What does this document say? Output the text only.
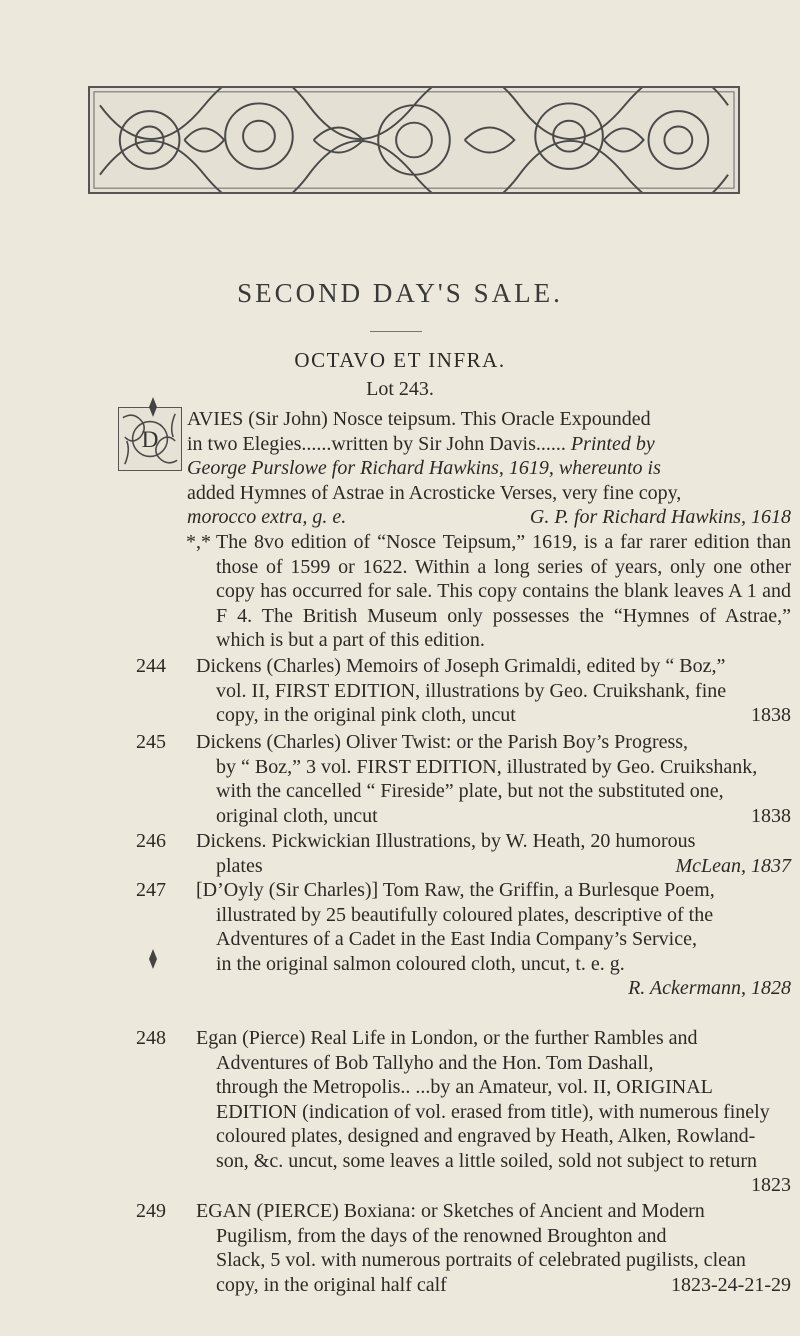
SECOND DAY'S SALE.
OCTAVO ET INFRA.
Lot 243.
D
AVIES (Sir John) Nosce teipsum. This Oracle Expounded
in two Elegies......written by Sir John Davis...... Printed by
George Purslowe for Richard Hawkins, 1619, whereunto is
added Hymnes of Astrae in Acrosticke Verses, very fine copy,
morocco extra, g. e.	G. P. for Richard Hawkins, 1618
*,* The 8vo edition of “Nosce Teipsum,” 1619, is a far rarer edition than those of 1599 or 1622. Within a long series of years, only one other copy has occurred for sale. This copy contains the blank leaves A 1 and F 4. The British Museum only possesses the “Hymnes of Astrae,” which is but a part of this edition.
244	Dickens (Charles) Memoirs of Joseph Grimaldi, edited by “ Boz,”
vol. II, FIRST EDITION, illustrations by Geo. Cruikshank, fine
copy, in the original pink cloth, uncut	1838
245	Dickens (Charles) Oliver Twist: or the Parish Boy’s Progress,
by “ Boz,” 3 vol. FIRST EDITION, illustrated by Geo. Cruikshank,
with the cancelled “ Fireside” plate, but not the substituted one,
original cloth, uncut	1838
246	Dickens. Pickwickian Illustrations, by W. Heath, 20 humorous
plates	McLean, 1837
247	[D’Oyly (Sir Charles)] Tom Raw, the Griffin, a Burlesque Poem,
illustrated by 25 beautifully coloured plates, descriptive of the
Adventures of a Cadet in the East India Company’s Service,
in the original salmon coloured cloth, uncut, t. e. g.
R. Ackermann, 1828
248	Egan (Pierce) Real Life in London, or the further Rambles and
Adventures of Bob Tallyho and the Hon. Tom Dashall,
through the Metropolis.. ...by an Amateur, vol. II, ORIGINAL
EDITION (indication of vol. erased from title), with numerous finely
coloured plates, designed and engraved by Heath, Alken, Rowland-
son, &c. uncut, some leaves a little soiled, sold not subject to return
1823
249	EGAN (PIERCE) Boxiana: or Sketches of Ancient and Modern
Pugilism, from the days of the renowned Broughton and
Slack, 5 vol. with numerous portraits of celebrated pugilists, clean
copy, in the original half calf	1823-24-21-29
